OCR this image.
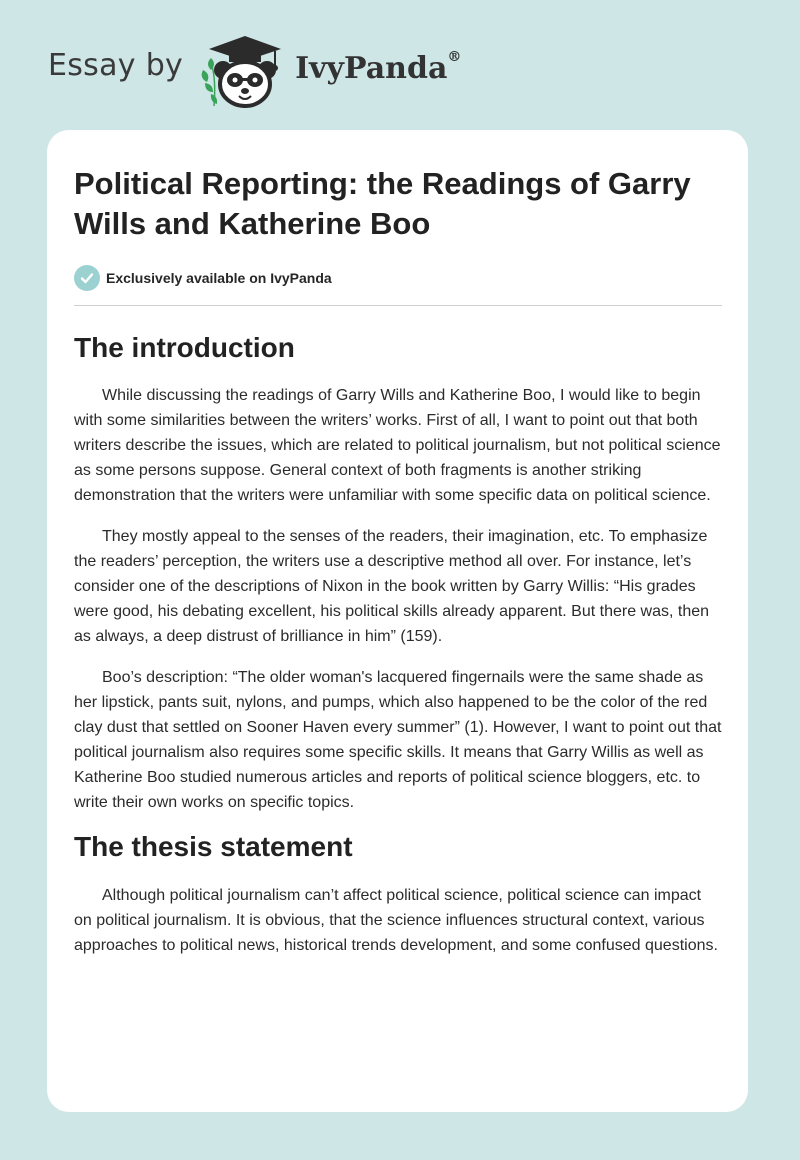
Essay by	IvyPanda®
Political Reporting: the Readings of Garry Wills and Katherine Boo
Exclusively available on IvyPanda
The introduction

While discussing the readings of Garry Wills and Katherine Boo, I would like to begin with some similarities between the writers’ works. First of all, I want to point out that both writers describe the issues, which are related to political journalism, but not political science as some persons suppose. General context of both fragments is another striking demonstration that the writers were unfamiliar with some specific data on political science.

They mostly appeal to the senses of the readers, their imagination, etc. To emphasize the readers’ perception, the writers use a descriptive method all over. For instance, let’s consider one of the descriptions of Nixon in the book written by Garry Willis: “His grades were good, his debating excellent, his political skills already apparent. But there was, then as always, a deep distrust of brilliance in him” (159).

Boo’s description: “The older woman's lacquered fingernails were the same shade as her lipstick, pants suit, nylons, and pumps, which also happened to be the color of the red clay dust that settled on Sooner Haven every summer” (1). However, I want to point out that political journalism also requires some specific skills. It means that Garry Willis as well as Katherine Boo studied numerous articles and reports of political science bloggers, etc. to write their own works on specific topics.

The thesis statement

Although political journalism can’t affect political science, political science can impact on political journalism. It is obvious, that the science influences structural context, various approaches to political news, historical trends development, and some confused questions.
